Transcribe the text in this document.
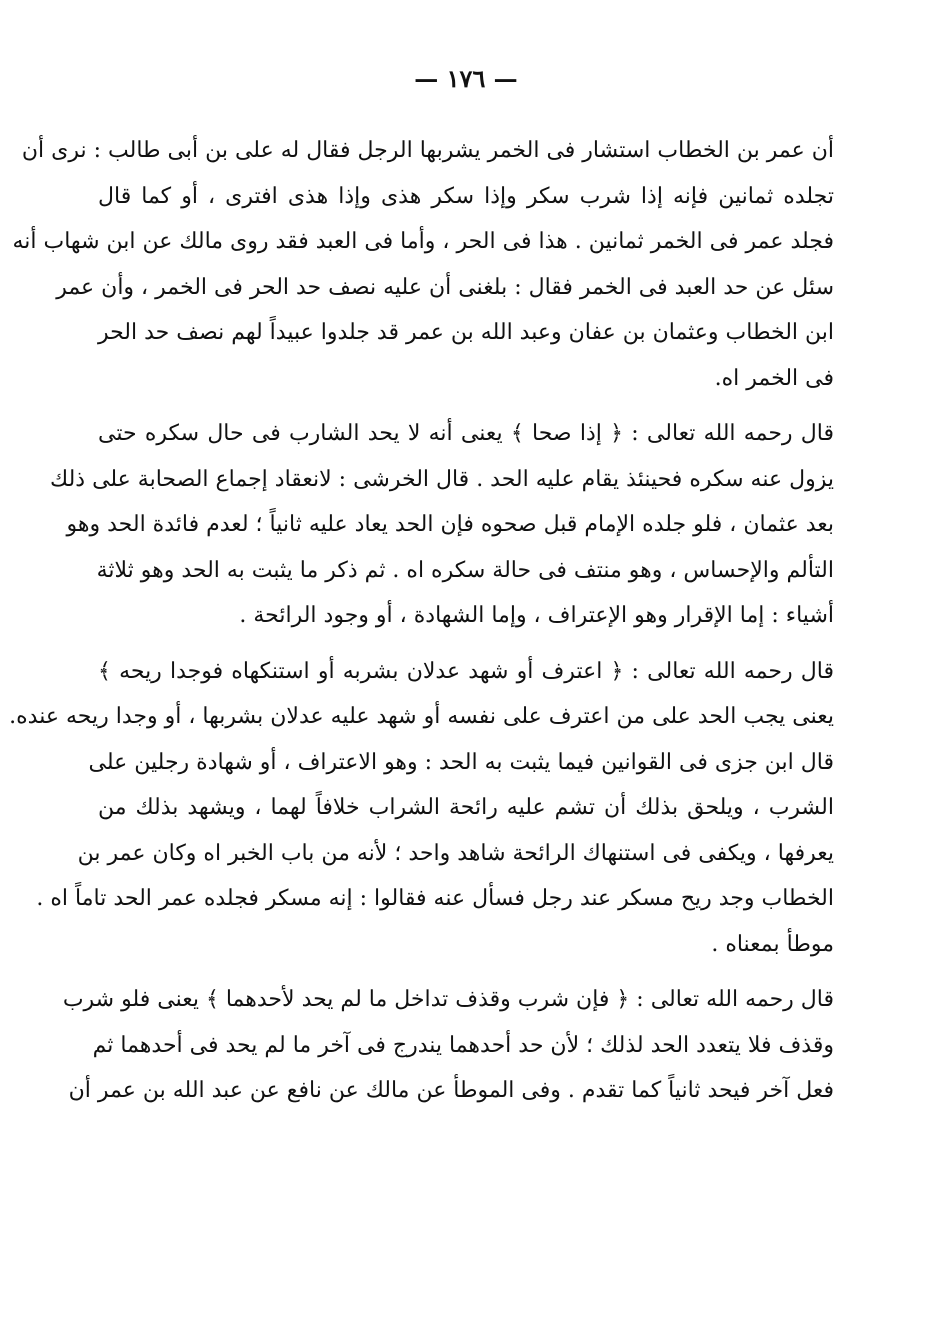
— ١٧٦ —
أن عمر بن الخطاب استشار فى الخمر يشربها الرجل فقال له على بن أبى طالب : نرى أن
تجلده ثمانين فإنه إذا شرب سكر وإذا سكر هذى وإذا هذى افترى ، أو كما قال
فجلد عمر فى الخمر ثمانين . هذا فى الحر ، وأما فى العبد فقد روى مالك عن ابن شهاب أنه
سئل عن حد العبد فى الخمر فقال : بلغنى أن عليه نصف حد الحر فى الخمر ، وأن عمر
ابن الخطاب وعثمان بن عفان وعبد الله بن عمر قد جلدوا عبيداً لهم نصف حد الحر
فى الخمر اه.
قال رحمه الله تعالى : ﴿ إذا صحا ﴾ يعنى أنه لا يحد الشارب فى حال سكره حتى
يزول عنه سكره فحينئذ يقام عليه الحد . قال الخرشى : لانعقاد إجماع الصحابة على ذلك
بعد عثمان ، فلو جلده الإمام قبل صحوه فإن الحد يعاد عليه ثانياً ؛ لعدم فائدة الحد وهو
التألم والإحساس ، وهو منتف فى حالة سكره اه . ثم ذكر ما يثبت به الحد وهو ثلاثة
أشياء : إما الإقرار وهو الإعتراف ، وإما الشهادة ، أو وجود الرائحة .
قال رحمه الله تعالى : ﴿ اعترف أو شهد عدلان بشربه أو استنكهاه فوجدا ريحه ﴾
يعنى يجب الحد على من اعترف على نفسه أو شهد عليه عدلان بشربها ، أو وجدا ريحه عنده.
قال ابن جزى فى القوانين فيما يثبت به الحد : وهو الاعتراف ، أو شهادة رجلين على
الشرب ، ويلحق بذلك أن تشم عليه رائحة الشراب خلافاً لهما ، ويشهد بذلك من
يعرفها ، ويكفى فى استنهاك الرائحة شاهد واحد ؛ لأنه من باب الخبر اه وكان عمر بن
الخطاب وجد ريح مسكر عند رجل فسأل عنه فقالوا : إنه مسكر فجلده عمر الحد تاماً اه .
موطأ بمعناه .
قال رحمه الله تعالى : ﴿ فإن شرب وقذف تداخل ما لم يحد لأحدهما ﴾ يعنى فلو شرب
وقذف فلا يتعدد الحد لذلك ؛ لأن حد أحدهما يندرج فى آخر ما لم يحد فى أحدهما ثم
فعل آخر فيحد ثانياً كما تقدم . وفى الموطأ عن مالك عن نافع عن عبد الله بن عمر أن
